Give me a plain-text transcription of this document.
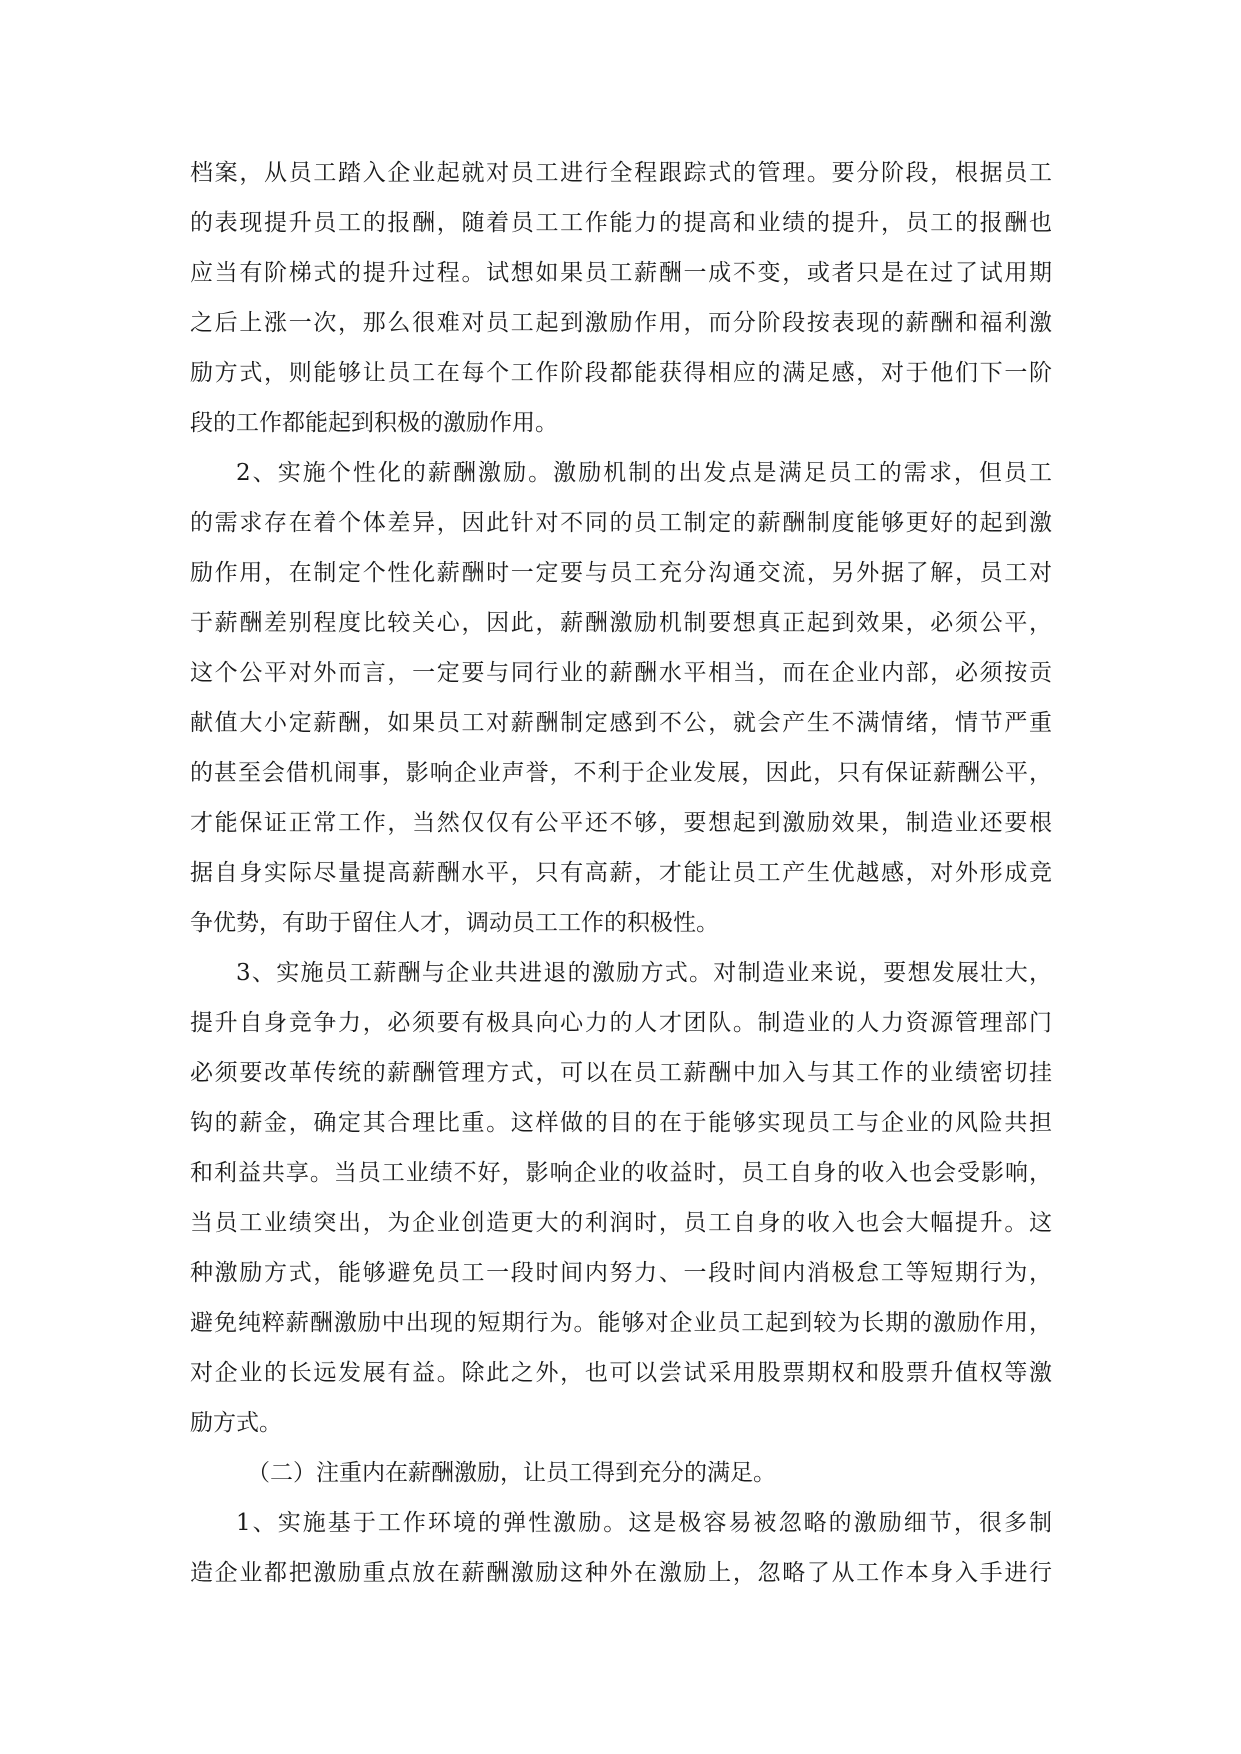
档案，从员工踏入企业起就对员工进行全程跟踪式的管理。要分阶段，根据员工
的表现提升员工的报酬，随着员工工作能力的提高和业绩的提升，员工的报酬也
应当有阶梯式的提升过程。试想如果员工薪酬一成不变，或者只是在过了试用期
之后上涨一次，那么很难对员工起到激励作用，而分阶段按表现的薪酬和福利激
励方式，则能够让员工在每个工作阶段都能获得相应的满足感，对于他们下一阶
段的工作都能起到积极的激励作用。
2、实施个性化的薪酬激励。激励机制的出发点是满足员工的需求，但员工
的需求存在着个体差异，因此针对不同的员工制定的薪酬制度能够更好的起到激
励作用，在制定个性化薪酬时一定要与员工充分沟通交流，另外据了解，员工对
于薪酬差别程度比较关心，因此，薪酬激励机制要想真正起到效果，必须公平，
这个公平对外而言，一定要与同行业的薪酬水平相当，而在企业内部，必须按贡
献值大小定薪酬，如果员工对薪酬制定感到不公，就会产生不满情绪，情节严重
的甚至会借机闹事，影响企业声誉，不利于企业发展，因此，只有保证薪酬公平，
才能保证正常工作，当然仅仅有公平还不够，要想起到激励效果，制造业还要根
据自身实际尽量提高薪酬水平，只有高薪，才能让员工产生优越感，对外形成竞
争优势，有助于留住人才，调动员工工作的积极性。
3、实施员工薪酬与企业共进退的激励方式。对制造业来说，要想发展壮大，
提升自身竞争力，必须要有极具向心力的人才团队。制造业的人力资源管理部门
必须要改革传统的薪酬管理方式，可以在员工薪酬中加入与其工作的业绩密切挂
钩的薪金，确定其合理比重。这样做的目的在于能够实现员工与企业的风险共担
和利益共享。当员工业绩不好，影响企业的收益时，员工自身的收入也会受影响，
当员工业绩突出，为企业创造更大的利润时，员工自身的收入也会大幅提升。这
种激励方式，能够避免员工一段时间内努力、一段时间内消极怠工等短期行为，
避免纯粹薪酬激励中出现的短期行为。能够对企业员工起到较为长期的激励作用，
对企业的长远发展有益。除此之外，也可以尝试采用股票期权和股票升值权等激
励方式。
（二）注重内在薪酬激励，让员工得到充分的满足。
1、实施基于工作环境的弹性激励。这是极容易被忽略的激励细节，很多制
造企业都把激励重点放在薪酬激励这种外在激励上，忽略了从工作本身入手进行
